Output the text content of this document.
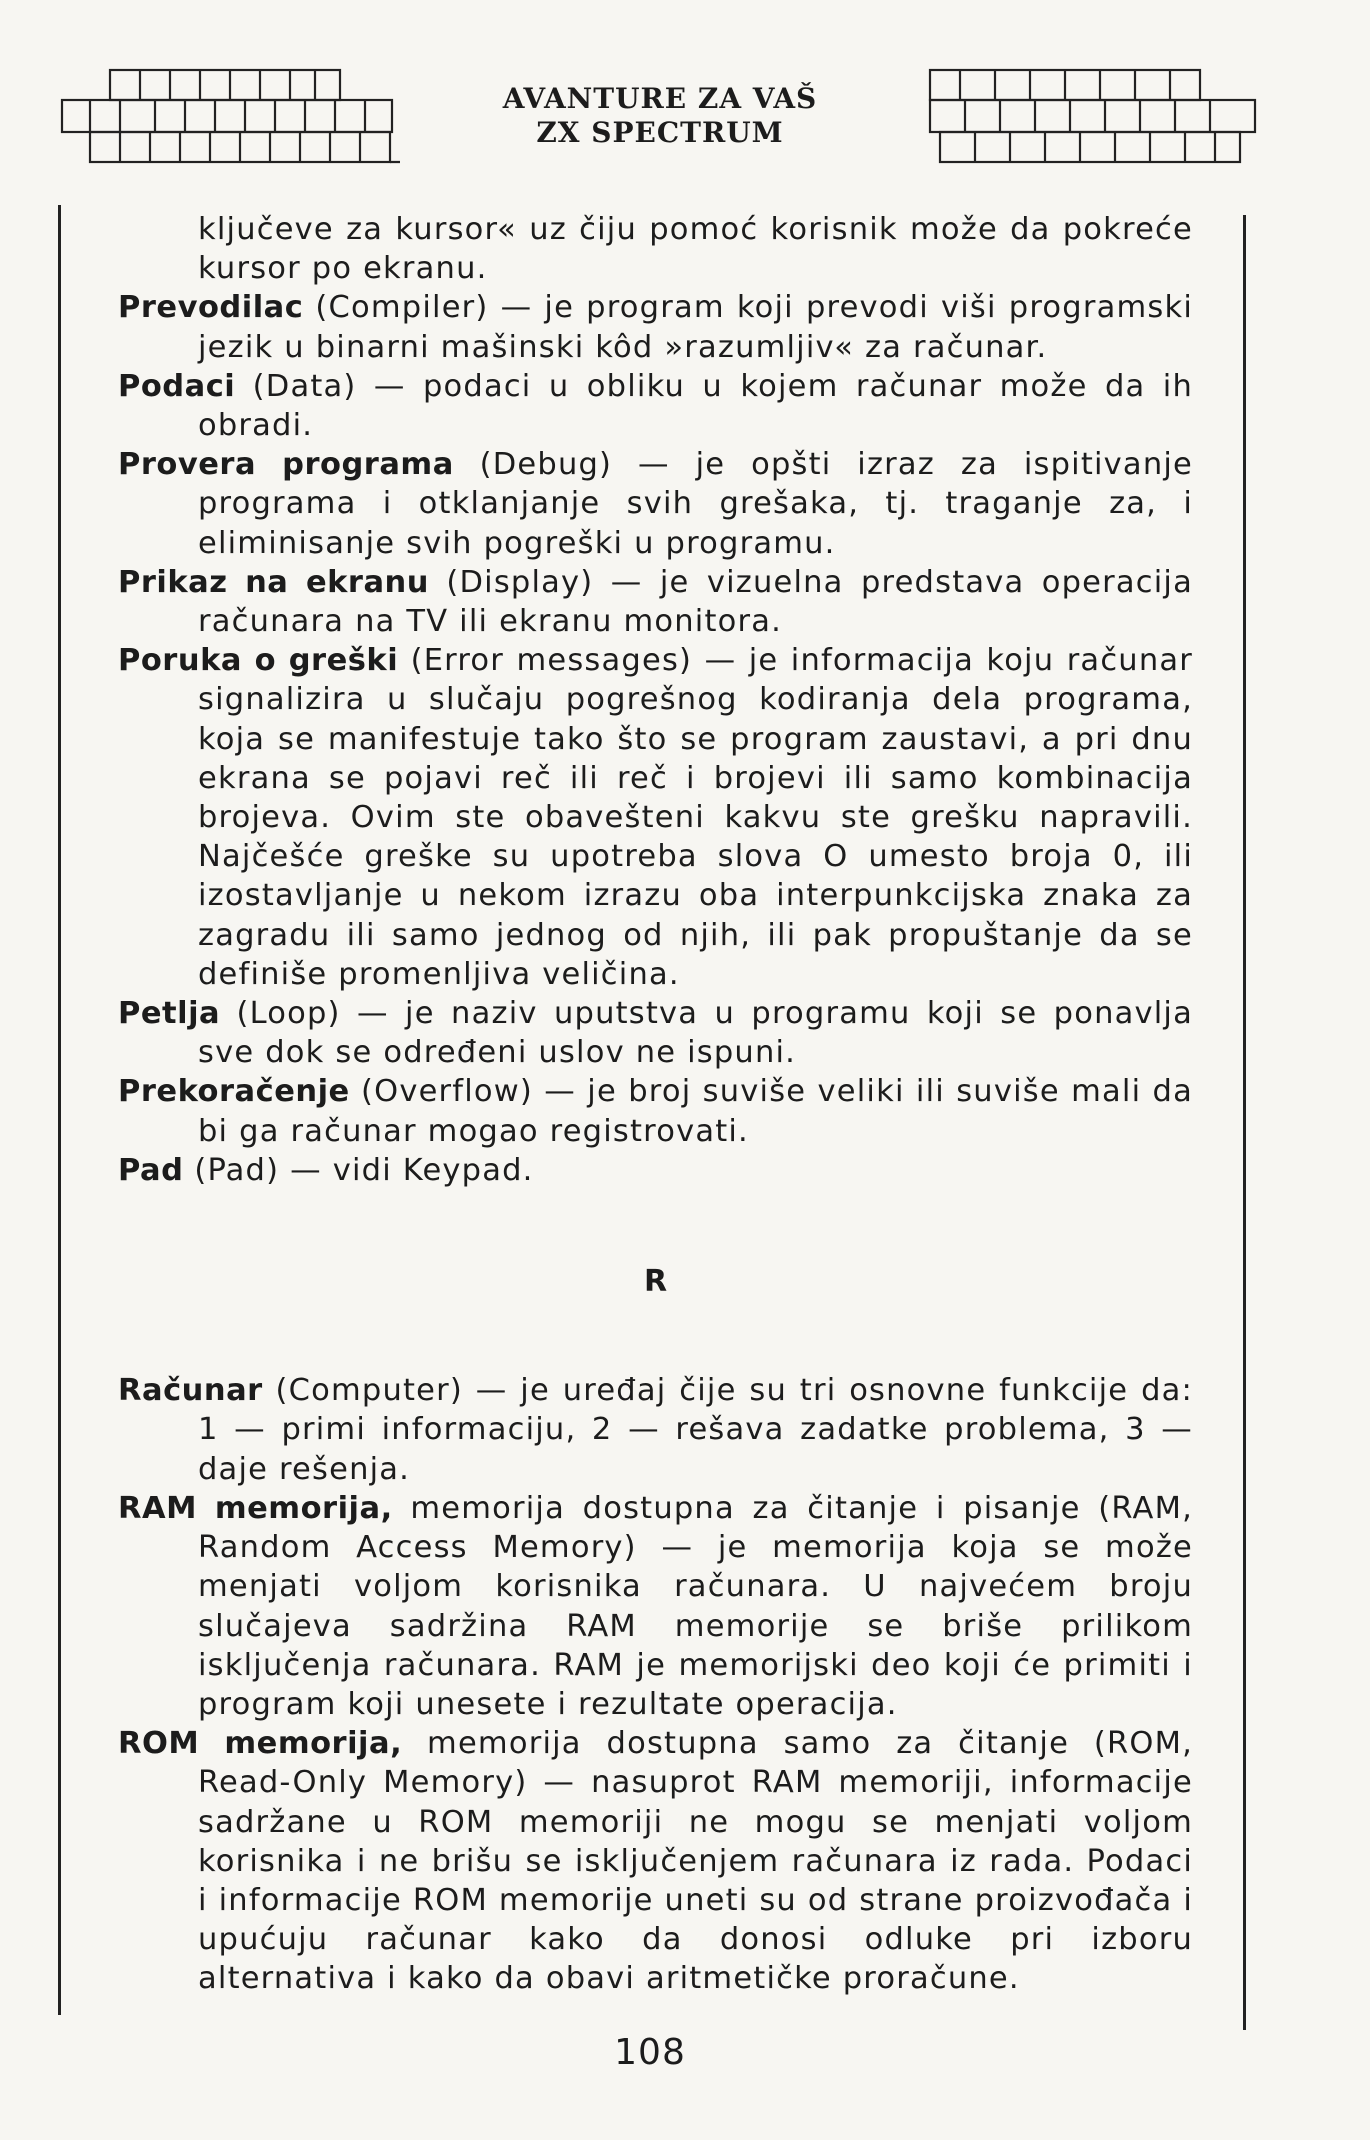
AVANTURE ZA VAŠ
ZX SPECTRUM

ključeve za kursor« uz čiju pomoć korisnik može da pokreće kursor po ekranu.

Prevodilac (Compiler) — je program koji prevodi viši programski jezik u binarni mašinski kôd »razumljiv« za računar.

Podaci (Data) — podaci u obliku u kojem računar može da ih obradi.

Provera programa (Debug) — je opšti izraz za ispitivanje programa i otklanjanje svih grešaka, tj. traganje za, i eliminisanje svih pogreški u programu.

Prikaz na ekranu (Display) — je vizuelna predstava operacija računara na TV ili ekranu monitora.

Poruka o greški (Error messages) — je informacija koju računar signalizira u slučaju pogrešnog kodiranja dela programa, koja se manifestuje tako što se program zaustavi, a pri dnu ekrana se pojavi reč ili reč i brojevi ili samo kombinacija brojeva. Ovim ste obavešteni kakvu ste grešku napravili. Najčešće greške su upotreba slova O umesto broja 0, ili izostavljanje u nekom izrazu oba interpunkcijska znaka za zagradu ili samo jednog od njih, ili pak propuštanje da se definiše promenljiva veličina.

Petlja (Loop) — je naziv uputstva u programu koji se ponavlja sve dok se određeni uslov ne ispuni.

Prekoračenje (Overflow) — je broj suviše veliki ili suviše mali da bi ga računar mogao registrovati.

Pad (Pad) — vidi Keypad.

R

Računar (Computer) — je uređaj čije su tri osnovne funkcije da: 1 — primi informaciju, 2 — rešava zadatke problema, 3 — daje rešenja.

RAM memorija, memorija dostupna za čitanje i pisanje (RAM, Random Access Memory) — je memorija koja se može menjati voljom korisnika računara. U najvećem broju slučajeva sadržina RAM memorije se briše prilikom isključenja računara. RAM je memorijski deo koji će primiti i program koji unesete i rezultate operacija.

ROM memorija, memorija dostupna samo za čitanje (ROM, Read-Only Memory) — nasuprot RAM memoriji, informacije sadržane u ROM memoriji ne mogu se menjati voljom korisnika i ne brišu se isključenjem računara iz rada. Podaci i informacije ROM memorije uneti su od strane proizvođača i upućuju računar kako da donosi odluke pri izboru alternativa i kako da obavi aritmetičke proračune.

108
